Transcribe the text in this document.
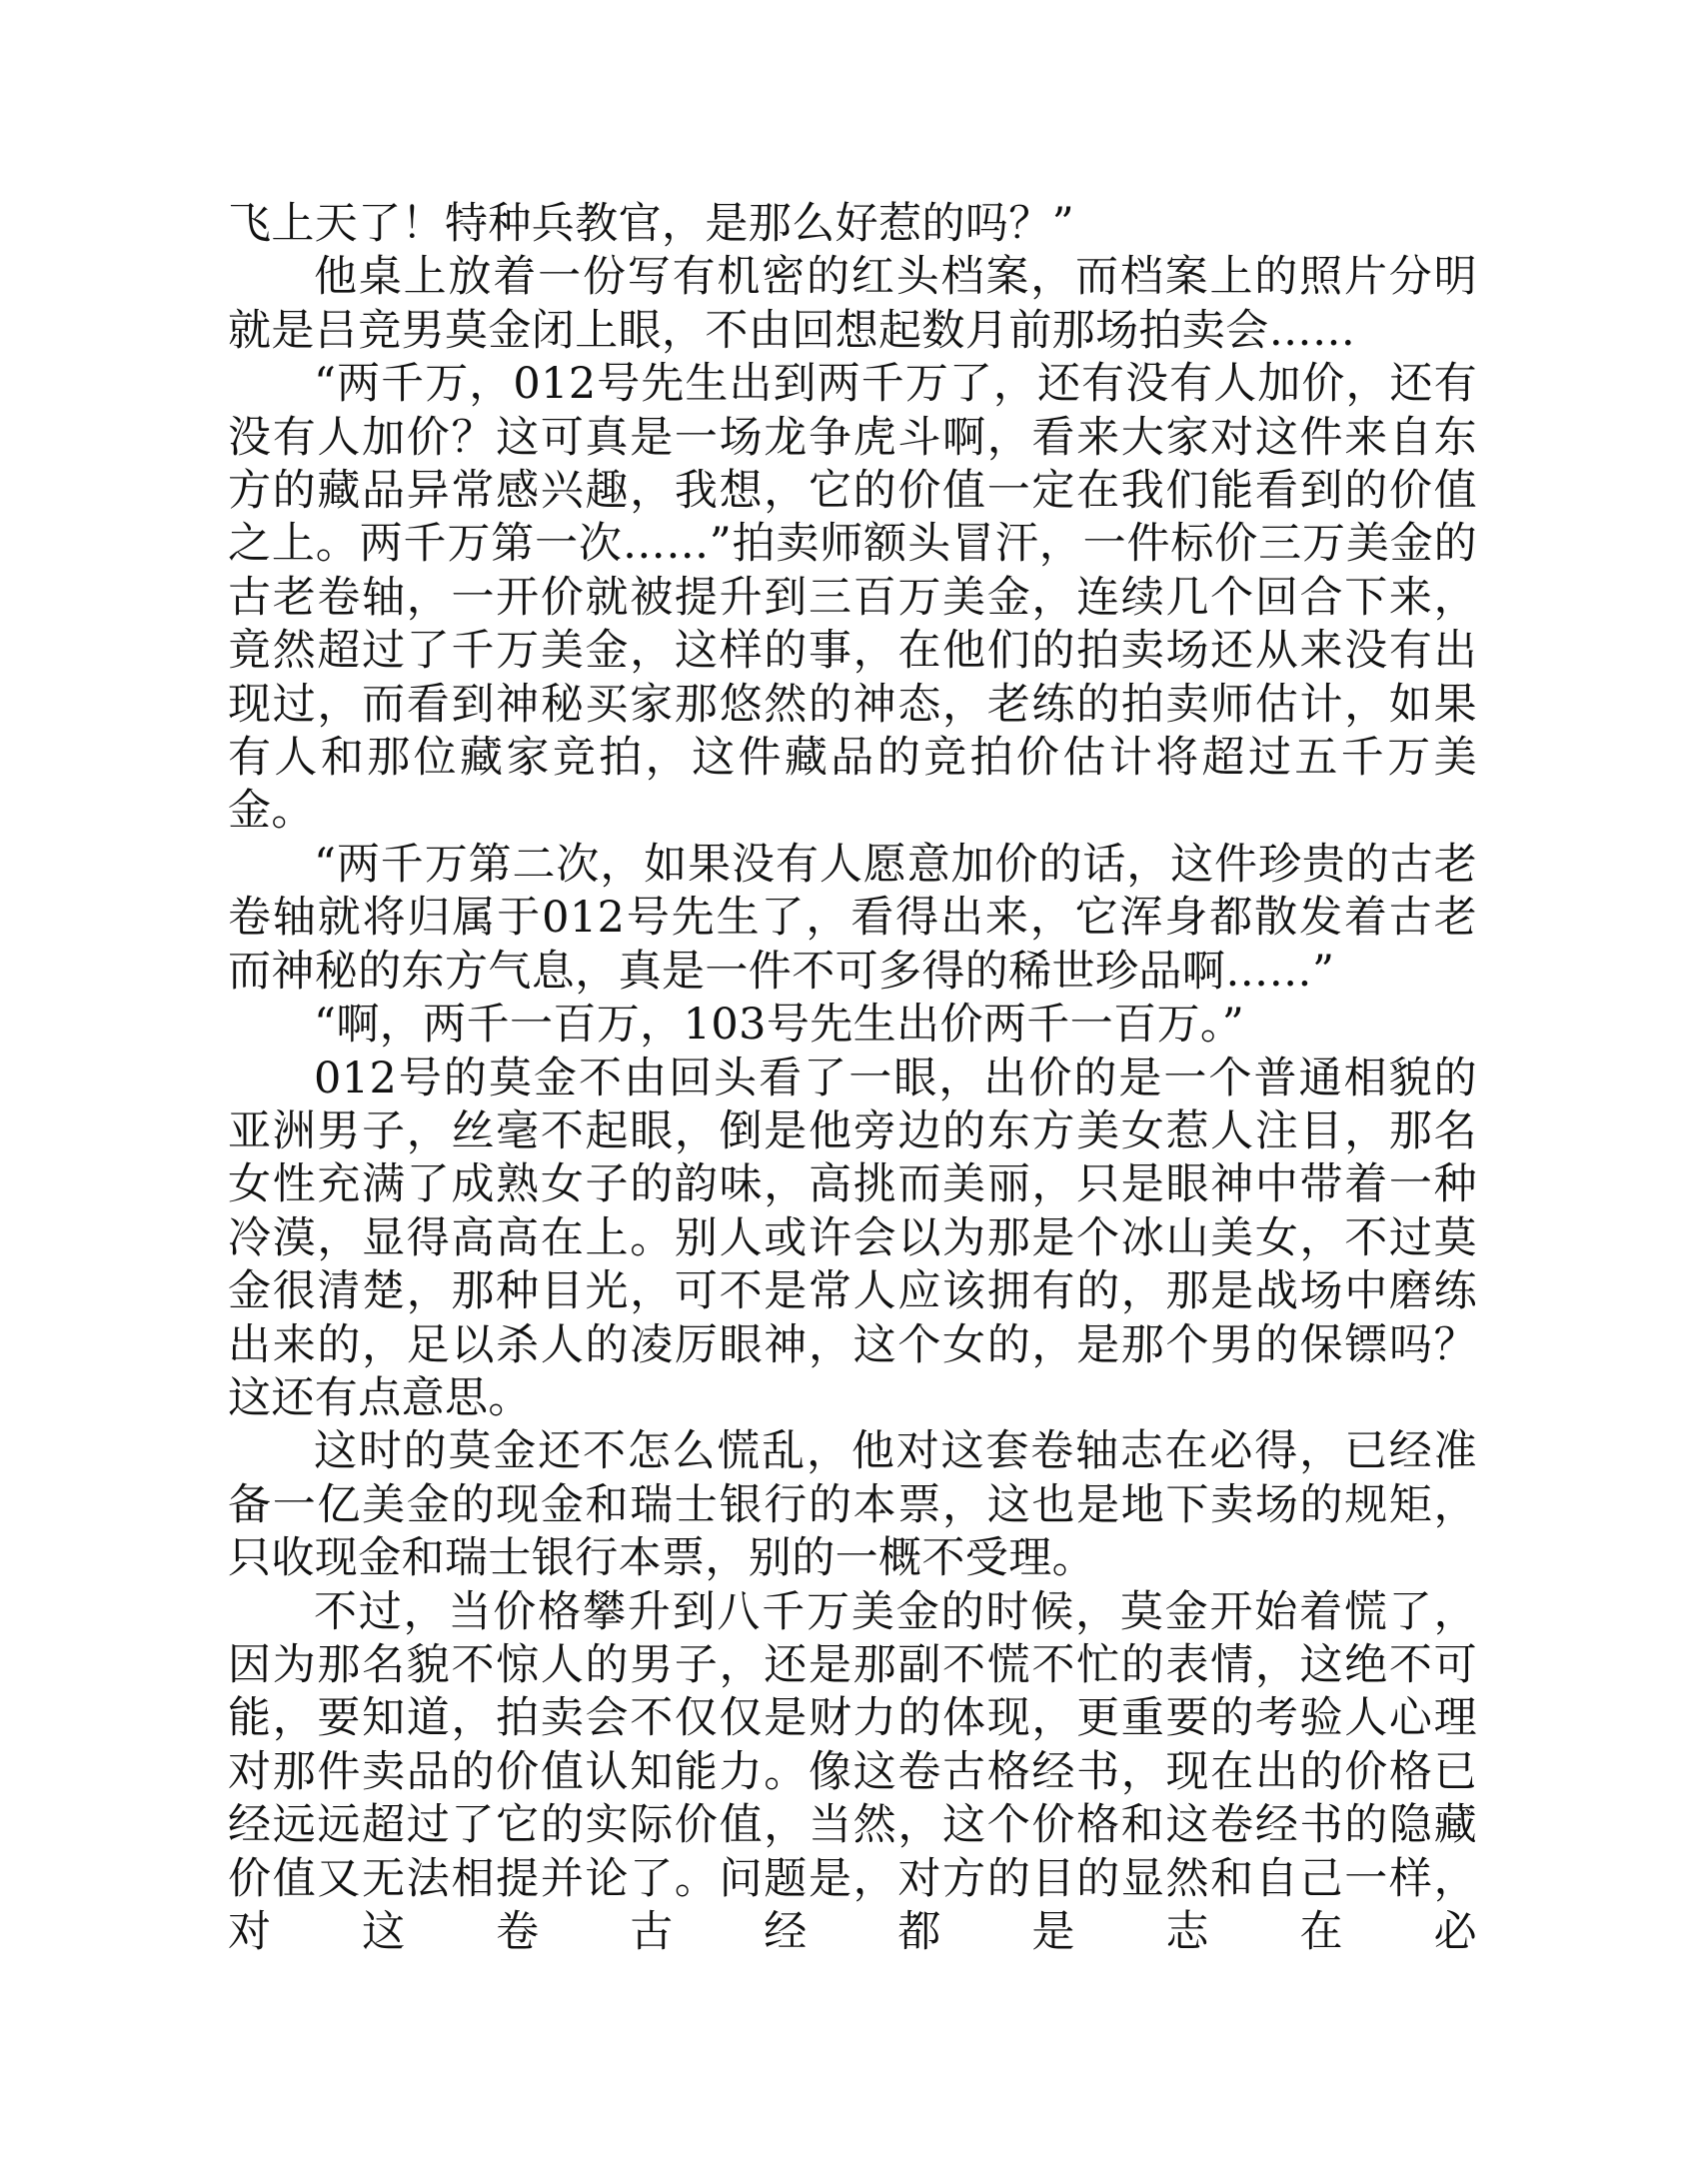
飞上天了！特种兵教官，是那么好惹的吗？”

他桌上放着一份写有机密的红头档案，而档案上的照片分明就是吕竞男莫金闭上眼，不由回想起数月前那场拍卖会……

“两千万，012号先生出到两千万了，还有没有人加价，还有没有人加价？这可真是一场龙争虎斗啊，看来大家对这件来自东方的藏品异常感兴趣，我想，它的价值一定在我们能看到的价值之上。两千万第一次……”拍卖师额头冒汗，一件标价三万美金的古老卷轴，一开价就被提升到三百万美金，连续几个回合下来，竟然超过了千万美金，这样的事，在他们的拍卖场还从来没有出现过，而看到神秘买家那悠然的神态，老练的拍卖师估计，如果有人和那位藏家竞拍，这件藏品的竞拍价估计将超过五千万美金。

“两千万第二次，如果没有人愿意加价的话，这件珍贵的古老卷轴就将归属于012号先生了，看得出来，它浑身都散发着古老而神秘的东方气息，真是一件不可多得的稀世珍品啊……”

“啊，两千一百万，103号先生出价两千一百万。”

012号的莫金不由回头看了一眼，出价的是一个普通相貌的亚洲男子，丝毫不起眼，倒是他旁边的东方美女惹人注目，那名女性充满了成熟女子的韵味，高挑而美丽，只是眼神中带着一种冷漠，显得高高在上。别人或许会以为那是个冰山美女，不过莫金很清楚，那种目光，可不是常人应该拥有的，那是战场中磨练出来的，足以杀人的凌厉眼神，这个女的，是那个男的保镖吗？这还有点意思。

这时的莫金还不怎么慌乱，他对这套卷轴志在必得，已经准备一亿美金的现金和瑞士银行的本票，这也是地下卖场的规矩，只收现金和瑞士银行本票，别的一概不受理。

不过，当价格攀升到八千万美金的时候，莫金开始着慌了，因为那名貌不惊人的男子，还是那副不慌不忙的表情，这绝不可能，要知道，拍卖会不仅仅是财力的体现，更重要的考验人心理对那件卖品的价值认知能力。像这卷古格经书，现在出的价格已经远远超过了它的实际价值，当然，这个价格和这卷经书的隐藏价值又无法相提并论了。问题是，对方的目的显然和自己一样，对这卷古经都是志在必
